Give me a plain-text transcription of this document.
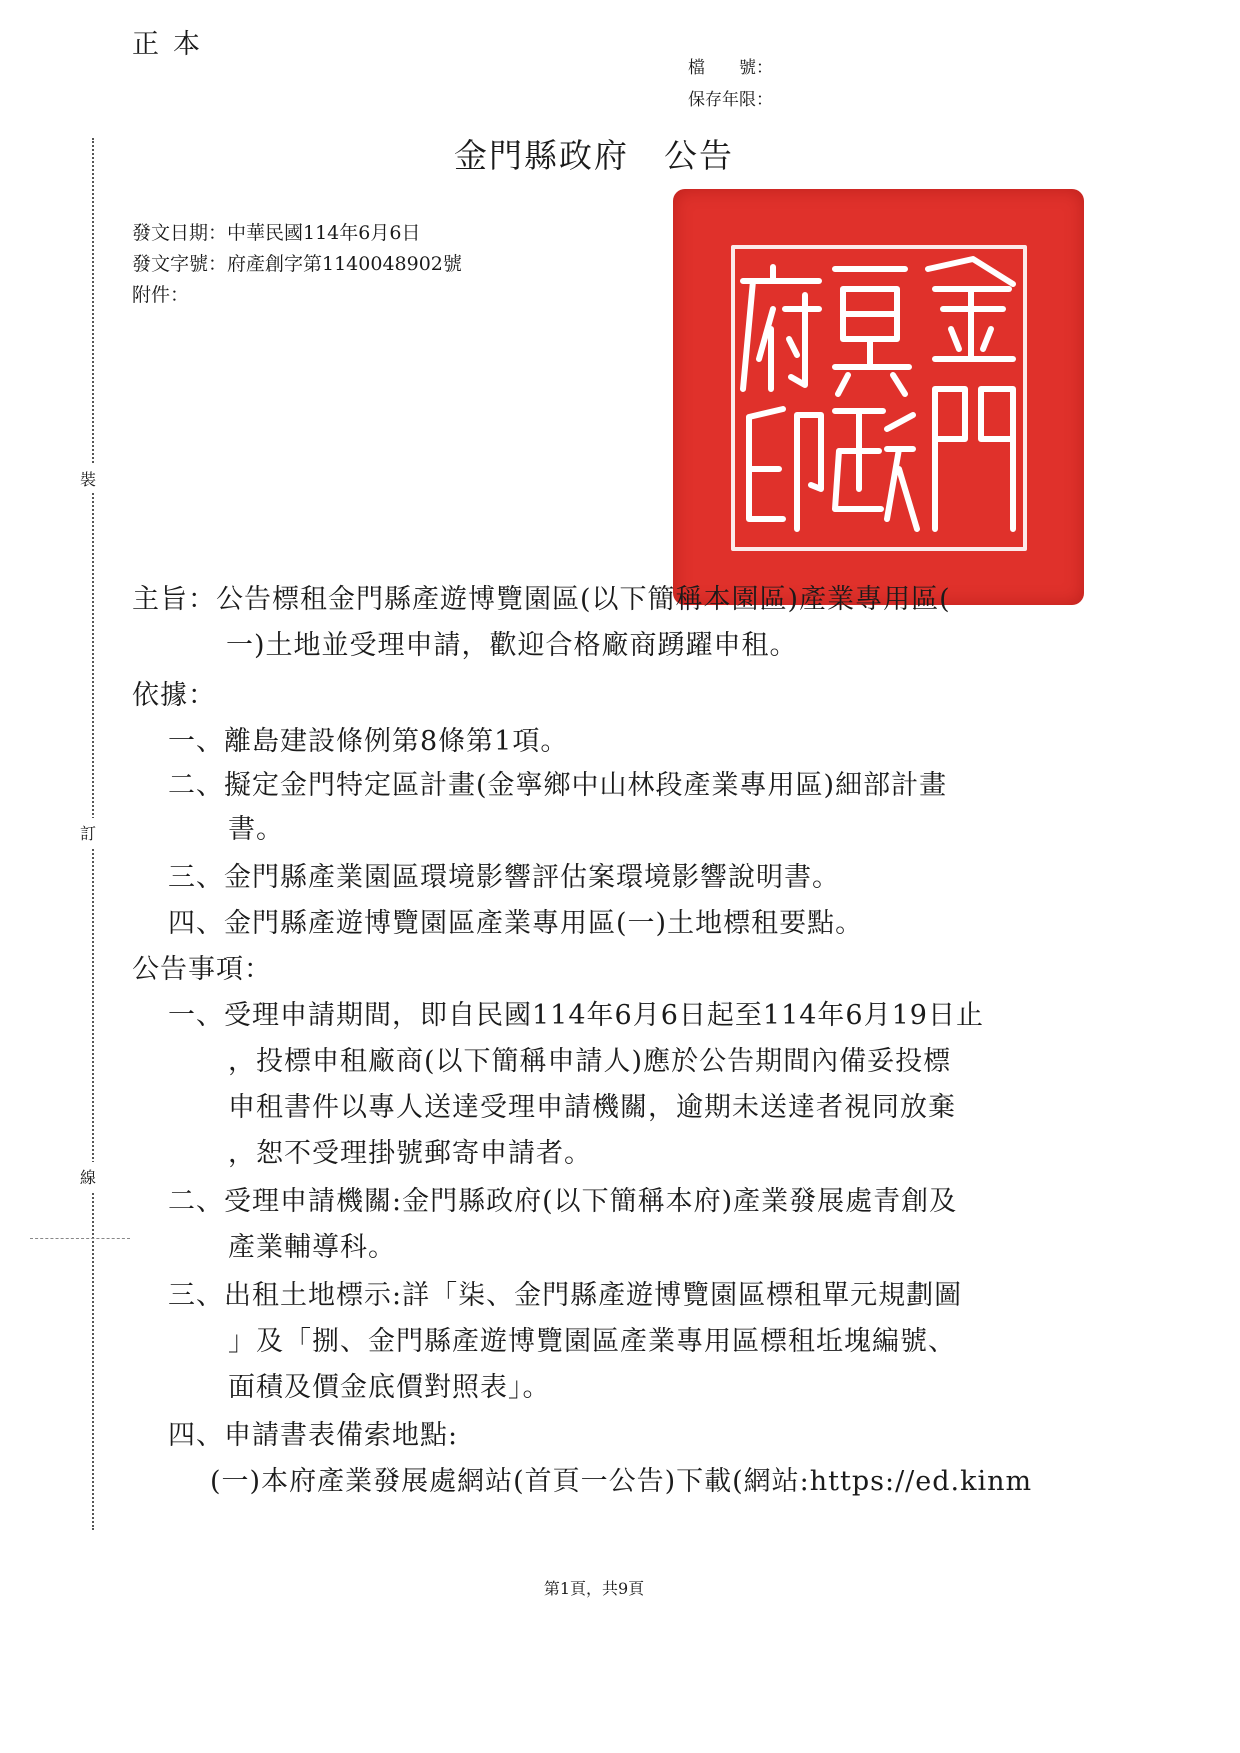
正本
檔　　號：
保存年限：
金門縣政府　公告
發文日期：中華民國114年6月6日
發文字號：府產創字第1140048902號
附件：
裝
訂
線
主旨：公告標租金門縣產遊博覽園區(以下簡稱本園區)產業專用區(
一)土地並受理申請，歡迎合格廠商踴躍申租。
依據：
一、離島建設條例第8條第1項。
二、擬定金門特定區計畫(金寧鄉中山林段產業專用區)細部計畫
書。
三、金門縣產業園區環境影響評估案環境影響說明書。
四、金門縣產遊博覽園區產業專用區(一)土地標租要點。
公告事項：
一、受理申請期間，即自民國114年6月6日起至114年6月19日止
，投標申租廠商(以下簡稱申請人)應於公告期間內備妥投標
申租書件以專人送達受理申請機關，逾期未送達者視同放棄
，恕不受理掛號郵寄申請者。
二、受理申請機關:金門縣政府(以下簡稱本府)產業發展處青創及
產業輔導科。
三、出租土地標示:詳「柒、金門縣產遊博覽園區標租單元規劃圖
」及「捌、金門縣產遊博覽園區產業專用區標租坵塊編號、
面積及價金底價對照表」。
四、申請書表備索地點:
(一)本府產業發展處網站(首頁一公告)下載(網站:https://ed.kinm
第1頁，共9頁
